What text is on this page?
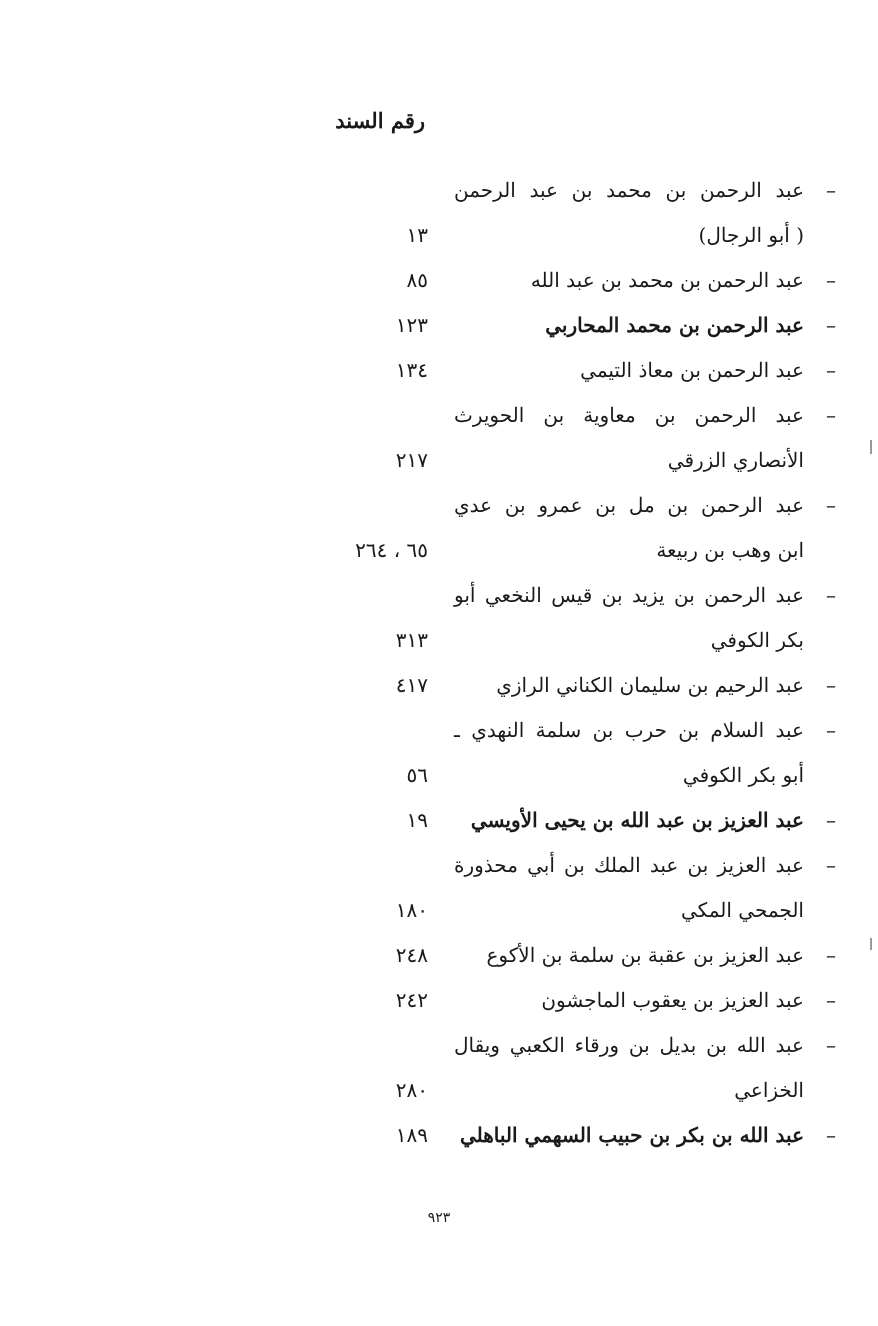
رقم السند
–
عبد الرحمن بن محمد بن عبد الرحمن
( أبو الرجال)
١٣
–
عبد الرحمن بن محمد بن عبد الله
٨٥
–
عبد الرحمن بن محمد المحاربي
١٢٣
–
عبد الرحمن بن معاذ التيمي
١٣٤
–
عبد الرحمن بن معاوية بن الحويرث
الأنصاري الزرقي
٢١٧
–
عبد الرحمن بن مل بن عمرو بن عدي
ابن وهب بن ربيعة
٦٥ ، ٢٦٤
–
عبد الرحمن بن يزيد بن قيس النخعي أبو
بكر الكوفي
٣١٣
–
عبد الرحيم بن سليمان الكناني الرازي
٤١٧
–
عبد السلام بن حرب بن سلمة النهدي ـ
أبو بكر الكوفي
٥٦
–
عبد العزيز بن عبد الله بن يحيى الأويسي
١٩
–
عبد العزيز بن عبد الملك بن أبي محذورة
الجمحي المكي
١٨٠
–
عبد العزيز بن عقبة بن سلمة بن الأكوع
٢٤٨
–
عبد العزيز بن يعقوب الماجشون
٢٤٢
–
عبد الله بن بديل بن ورقاء الكعبي ويقال
الخزاعي
٢٨٠
–
عبد الله بن بكر بن حبيب السهمي الباهلي
١٨٩
٩٢٣
